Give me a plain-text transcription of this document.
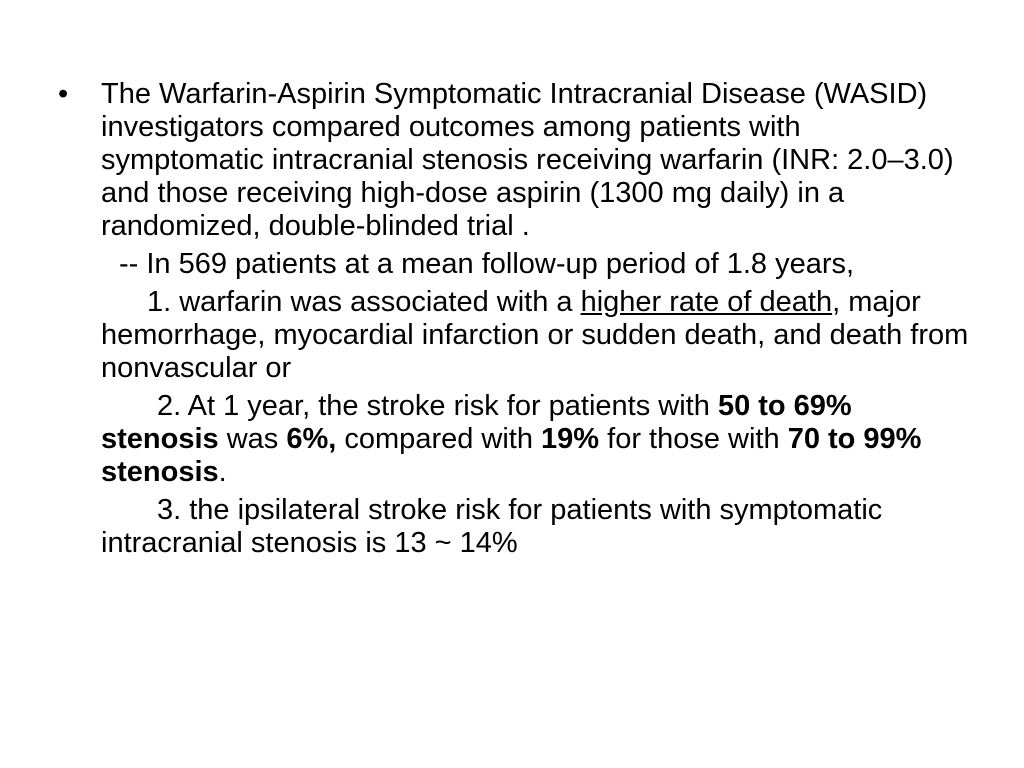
• The Warfarin-Aspirin Symptomatic Intracranial Disease (WASID) investigators compared outcomes among patients with symptomatic intracranial stenosis receiving warfarin (INR: 2.0–3.0) and those receiving high-dose aspirin (1300 mg daily) in a randomized, double-blinded trial .

-- In 569 patients at a mean follow-up period of 1.8 years,

1. warfarin was associated with a higher rate of death, major hemorrhage, myocardial infarction or sudden death, and death from nonvascular or

2. At 1 year, the stroke risk for patients with 50 to 69% stenosis was 6%, compared with 19% for those with 70 to 99% stenosis.

3. the ipsilateral stroke risk for patients with symptomatic intracranial stenosis is 13 ~ 14%
